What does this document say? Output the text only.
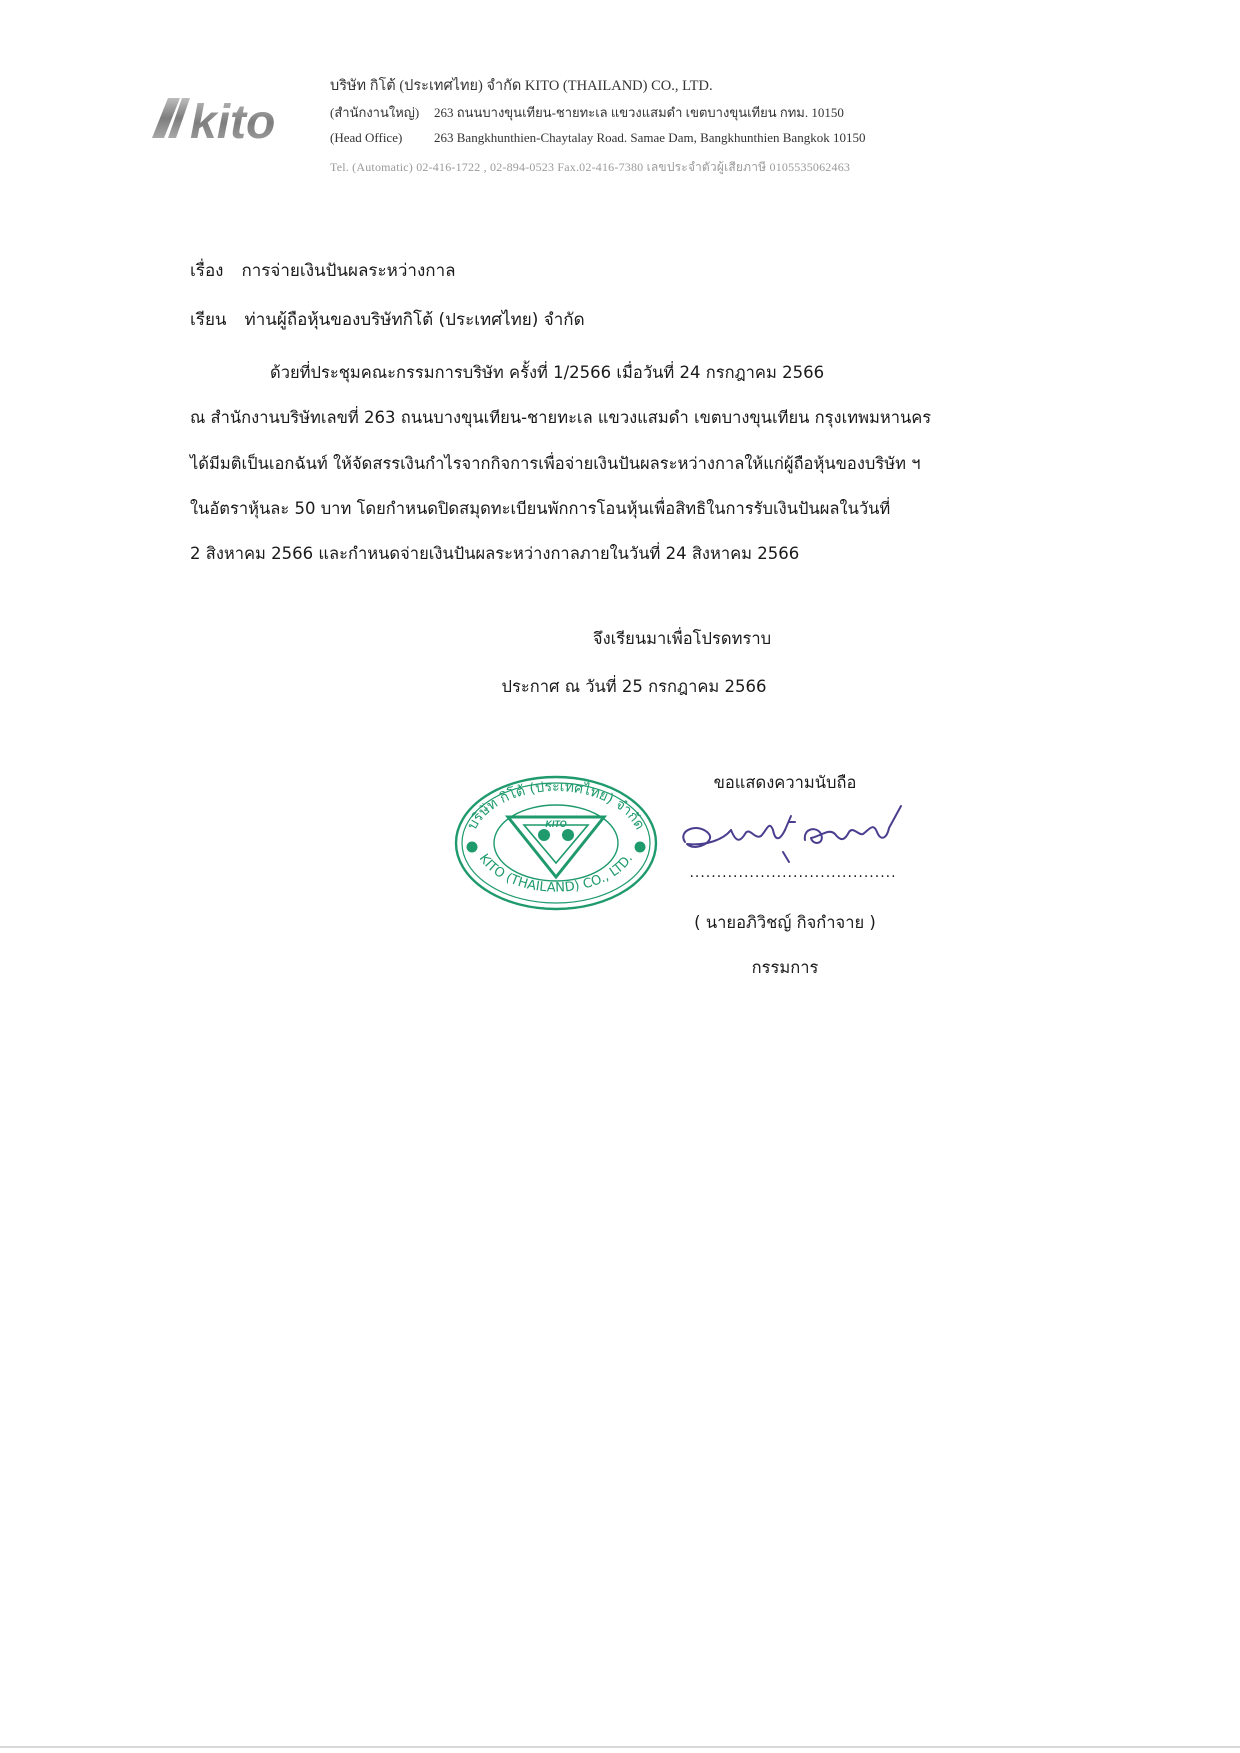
kito
บริษัท กิโต้ (ประเทศไทย) จำกัด KITO (THAILAND) CO., LTD.
(สำนักงานใหญ่) 263 ถนนบางขุนเทียน-ชายทะเล แขวงแสมดำ เขตบางขุนเทียน กทม. 10150
(Head Office) 263 Bangkhunthien-Chaytalay Road. Samae Dam, Bangkhunthien Bangkok 10150
Tel. (Automatic) 02-416-1722 , 02-894-0523 Fax.02-416-7380 เลขประจำตัวผู้เสียภาษี 0105535062463
เรื่อง การจ่ายเงินปันผลระหว่างกาล
เรียน ท่านผู้ถือหุ้นของบริษัทกิโต้ (ประเทศไทย) จำกัด
ด้วยที่ประชุมคณะกรรมการบริษัท ครั้งที่ 1/2566 เมื่อวันที่ 24 กรกฎาคม 2566
ณ สำนักงานบริษัทเลขที่ 263 ถนนบางขุนเทียน-ชายทะเล แขวงแสมดำ เขตบางขุนเทียน กรุงเทพมหานคร
ได้มีมติเป็นเอกฉันท์ ให้จัดสรรเงินกำไรจากกิจการเพื่อจ่ายเงินปันผลระหว่างกาลให้แก่ผู้ถือหุ้นของบริษัท ฯ
ในอัตราหุ้นละ 50 บาท โดยกำหนดปิดสมุดทะเบียนพักการโอนหุ้นเพื่อสิทธิในการรับเงินปันผลในวันที่
2 สิงหาคม 2566 และกำหนดจ่ายเงินปันผลระหว่างกาลภายในวันที่ 24 สิงหาคม 2566
จึงเรียนมาเพื่อโปรดทราบ
ประกาศ ณ วันที่ 25 กรกฎาคม 2566
บริษัท กิโต้ (ประเทศไทย) จำกัด
KITO (THAILAND) CO., LTD.
KITO
ขอแสดงความนับถือ
......................................
( นายอภิวิชญ์ กิจกำจาย )
กรรมการ
